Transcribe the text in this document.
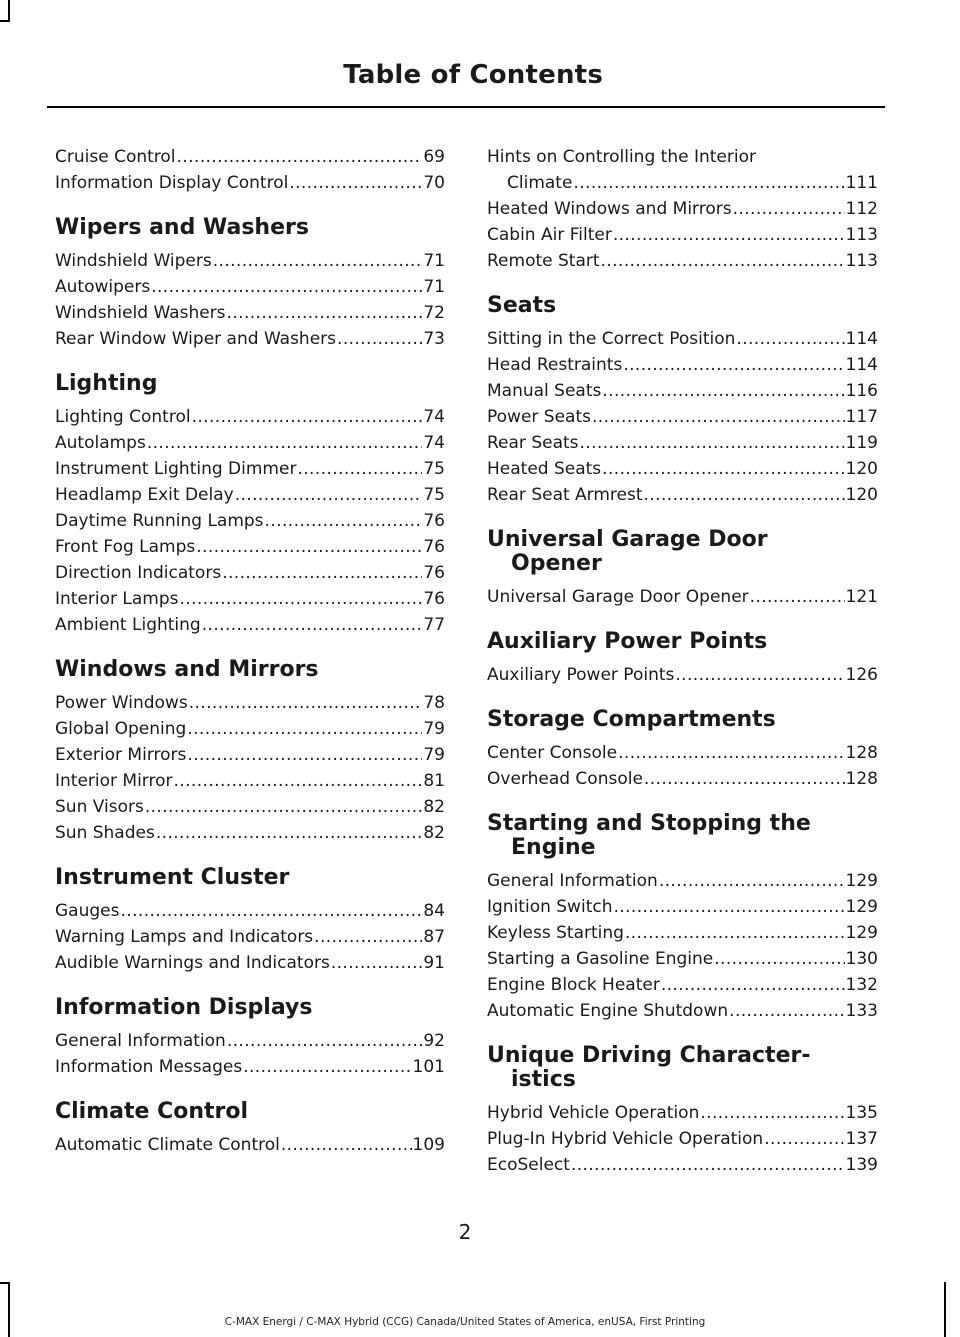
Table of Contents
Cruise Control .....	69
Information Display Control .....	70
Wipers and Washers
Windshield Wipers .....	71
Autowipers .....	71
Windshield Washers .....	72
Rear Window Wiper and Washers .....	73
Lighting
Lighting Control .....	74
Autolamps .....	74
Instrument Lighting Dimmer .....	75
Headlamp Exit Delay .....	75
Daytime Running Lamps .....	76
Front Fog Lamps .....	76
Direction Indicators .....	76
Interior Lamps .....	76
Ambient Lighting .....	77
Windows and Mirrors
Power Windows .....	78
Global Opening .....	79
Exterior Mirrors .....	79
Interior Mirror .....	81
Sun Visors .....	82
Sun Shades .....	82
Instrument Cluster
Gauges .....	84
Warning Lamps and Indicators .....	87
Audible Warnings and Indicators .....	91
Information Displays
General Information .....	92
Information Messages .....	101
Climate Control
Automatic Climate Control .....	109
Hints on Controlling the Interior
Climate .....	111
Heated Windows and Mirrors .....	112
Cabin Air Filter .....	113
Remote Start .....	113
Seats
Sitting in the Correct Position .....	114
Head Restraints .....	114
Manual Seats .....	116
Power Seats .....	117
Rear Seats .....	119
Heated Seats .....	120
Rear Seat Armrest .....	120
Universal Garage Door
Opener
Universal Garage Door Opener .....	121
Auxiliary Power Points
Auxiliary Power Points .....	126
Storage Compartments
Center Console .....	128
Overhead Console .....	128
Starting and Stopping the
Engine
General Information .....	129
Ignition Switch .....	129
Keyless Starting .....	129
Starting a Gasoline Engine .....	130
Engine Block Heater .....	132
Automatic Engine Shutdown .....	133
Unique Driving Character-
istics
Hybrid Vehicle Operation .....	135
Plug-In Hybrid Vehicle Operation .....	137
EcoSelect .....	139
2
C-MAX Energi / C-MAX Hybrid (CCG) Canada/United States of America, enUSA, First Printing
